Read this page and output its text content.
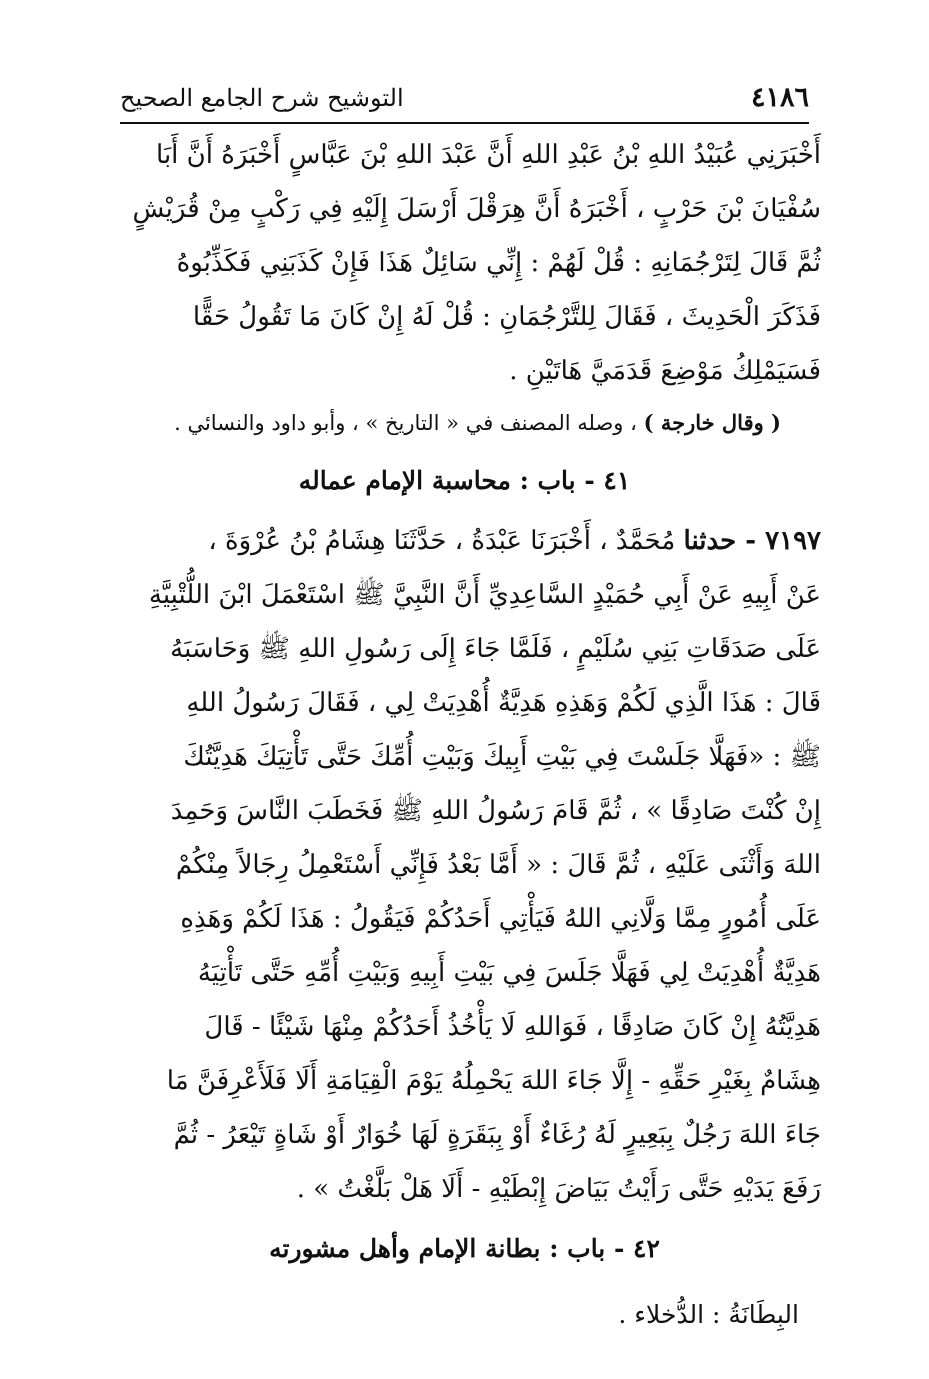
٤١٨٦
التوشيح شرح الجامع الصحيح
أَخْبَرَنِي عُبَيْدُ اللهِ بْنُ عَبْدِ اللهِ أَنَّ عَبْدَ اللهِ بْنَ عَبَّاسٍ أَخْبَرَهُ أَنَّ أَبَا
سُفْيَانَ بْنَ حَرْبٍ ، أَخْبَرَهُ أَنَّ هِرَقْلَ أَرْسَلَ إِلَيْهِ فِي رَكْبٍ مِنْ قُرَيْشٍ
ثُمَّ قَالَ لِتَرْجُمَانِهِ : قُلْ لَهُمْ : إِنِّي سَائِلٌ هَذَا فَإِنْ كَذَبَنِي فَكَذِّبُوهُ
فَذَكَرَ الْحَدِيثَ ، فَقَالَ لِلتَّرْجُمَانِ : قُلْ لَهُ إِنْ كَانَ مَا تَقُولُ حَقًّا
فَسَيَمْلِكُ مَوْضِعَ قَدَمَيَّ هَاتَيْنِ .
( وقال خارجة ) ، وصله المصنف في « التاريخ » ، وأبو داود والنسائي .
٤١ - باب : محاسبة الإمام عماله
٧١٩٧ - حدثنا مُحَمَّدٌ ، أَخْبَرَنَا عَبْدَةُ ، حَدَّثَنَا هِشَامُ بْنُ عُرْوَةَ ،
عَنْ أَبِيهِ عَنْ أَبِي حُمَيْدٍ السَّاعِدِيِّ أَنَّ النَّبِيَّ ﷺ اسْتَعْمَلَ ابْنَ اللُّتْبِيَّةِ
عَلَى صَدَقَاتِ بَنِي سُلَيْمٍ ، فَلَمَّا جَاءَ إِلَى رَسُولِ اللهِ ﷺ وَحَاسَبَهُ
قَالَ : هَذَا الَّذِي لَكُمْ وَهَذِهِ هَدِيَّةٌ أُهْدِيَتْ لِي ، فَقَالَ رَسُولُ اللهِ
ﷺ : «فَهَلَّا جَلَسْتَ فِي بَيْتِ أَبِيكَ وَبَيْتِ أُمِّكَ حَتَّى تَأْتِيَكَ هَدِيَّتُكَ
إِنْ كُنْتَ صَادِقًا » ، ثُمَّ قَامَ رَسُولُ اللهِ ﷺ فَخَطَبَ النَّاسَ وَحَمِدَ
اللهَ وَأَثْنَى عَلَيْهِ ، ثُمَّ قَالَ : « أَمَّا بَعْدُ فَإِنِّي أَسْتَعْمِلُ رِجَالاً مِنْكُمْ
عَلَى أُمُورٍ مِمَّا وَلَّانِي اللهُ فَيَأْتِي أَحَدُكُمْ فَيَقُولُ : هَذَا لَكُمْ وَهَذِهِ
هَدِيَّةٌ أُهْدِيَتْ لِي فَهَلَّا جَلَسَ فِي بَيْتِ أَبِيهِ وَبَيْتِ أُمِّهِ حَتَّى تَأْتِيَهُ
هَدِيَّتُهُ إِنْ كَانَ صَادِقًا ، فَوَاللهِ لَا يَأْخُذُ أَحَدُكُمْ مِنْهَا شَيْئًا - قَالَ
هِشَامٌ بِغَيْرِ حَقِّهِ - إِلَّا جَاءَ اللهَ يَحْمِلُهُ يَوْمَ الْقِيَامَةِ أَلَا فَلَأَعْرِفَنَّ مَا
جَاءَ اللهَ رَجُلٌ بِبَعِيرٍ لَهُ رُغَاءٌ أَوْ بِبَقَرَةٍ لَهَا خُوَارٌ أَوْ شَاةٍ تَيْعَرُ - ثُمَّ
رَفَعَ يَدَيْهِ حَتَّى رَأَيْتُ بَيَاضَ إِبْطَيْهِ - أَلَا هَلْ بَلَّغْتُ » .
٤٢ - باب : بطانة الإمام وأهل مشورته
البِطَانَةُ : الدُّخلاء .
